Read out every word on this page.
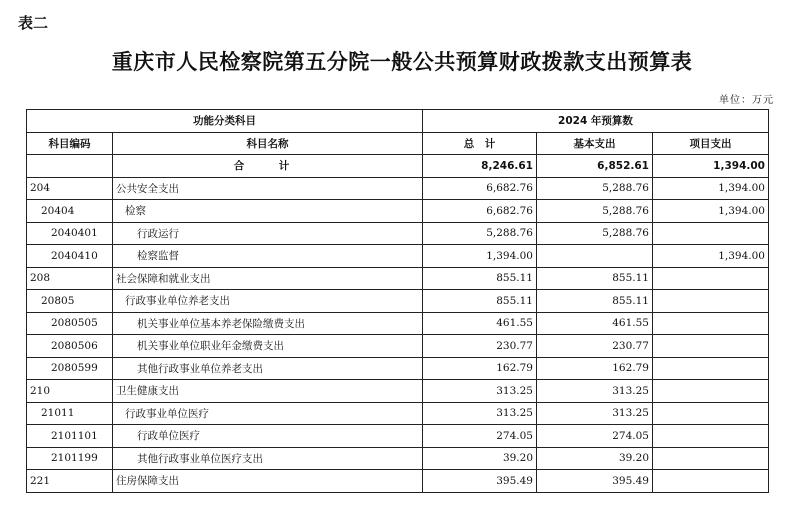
表二
重庆市人民检察院第五分院一般公共预算财政拨款支出预算表
单位：万元
功能分类科目		2024 年预算数		
科目编码	科目名称	总　计	基本支出	项目支出
	合　计	8,246.61	6,852.61	1,394.00
204	公共安全支出	6,682.76	5,288.76	1,394.00
20404	检察	6,682.76	5,288.76	1,394.00
2040401	行政运行	5,288.76	5,288.76	
2040410	检察监督	1,394.00		1,394.00
208	社会保障和就业支出	855.11	855.11	
20805	行政事业单位养老支出	855.11	855.11	
2080505	机关事业单位基本养老保险缴费支出	461.55	461.55	
2080506	机关事业单位职业年金缴费支出	230.77	230.77	
2080599	其他行政事业单位养老支出	162.79	162.79	
210	卫生健康支出	313.25	313.25	
21011	行政事业单位医疗	313.25	313.25	
2101101	行政单位医疗	274.05	274.05	
2101199	其他行政事业单位医疗支出	39.20	39.20	
221	住房保障支出	395.49	395.49	
